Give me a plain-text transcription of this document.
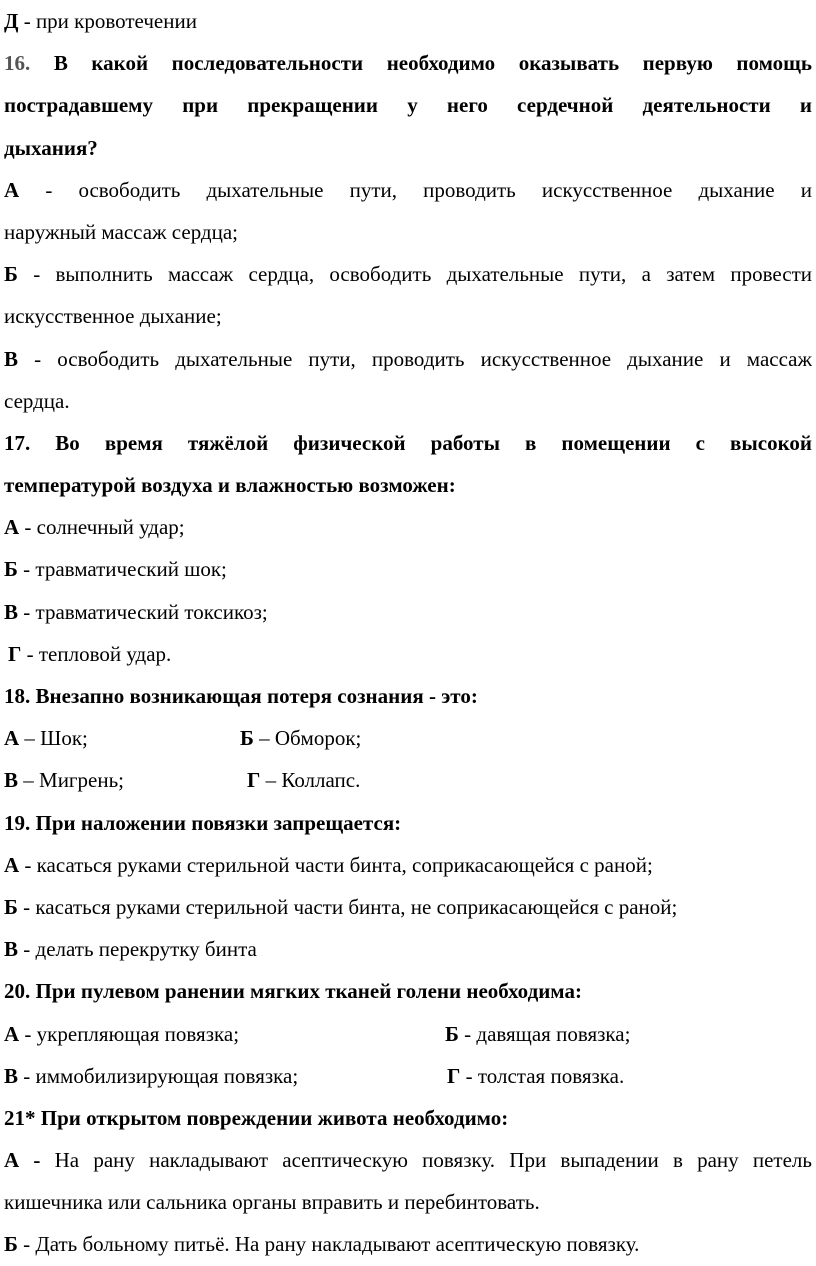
Д - при кровотечении
16. В какой последовательности необходимо оказывать первую помощь
пострадавшему при прекращении у него сердечной деятельности и
дыхания?
А - освободить дыхательные пути, проводить искусственное дыхание и
наружный массаж сердца;
Б - выполнить массаж сердца, освободить дыхательные пути, а затем провести
искусственное дыхание;
В - освободить дыхательные пути, проводить искусственное дыхание и массаж
сердца.
17. Во время тяжёлой физической работы в помещении с высокой
температурой воздуха и влажностью возможен:
А - солнечный удар;
Б - травматический шок;
В - травматический токсикоз;
Г - тепловой удар.
18. Внезапно возникающая потеря сознания - это:
А – Шок;	Б – Обморок;
В – Мигрень;	Г – Коллапс.
19. При наложении повязки запрещается:
А - касаться руками стерильной части бинта, соприкасающейся с раной;
Б - касаться руками стерильной части бинта, не соприкасающейся с раной;
В - делать перекрутку бинта
20. При пулевом ранении мягких тканей голени необходима:
А - укрепляющая повязка;	Б - давящая повязка;
В - иммобилизирующая повязка;	Г - толстая повязка.
21* При открытом повреждении живота необходимо:
А - На рану накладывают асептическую повязку. При выпадении в рану петель
кишечника или сальника органы вправить и перебинтовать.
Б - Дать больному питьё. На рану накладывают асептическую повязку.
